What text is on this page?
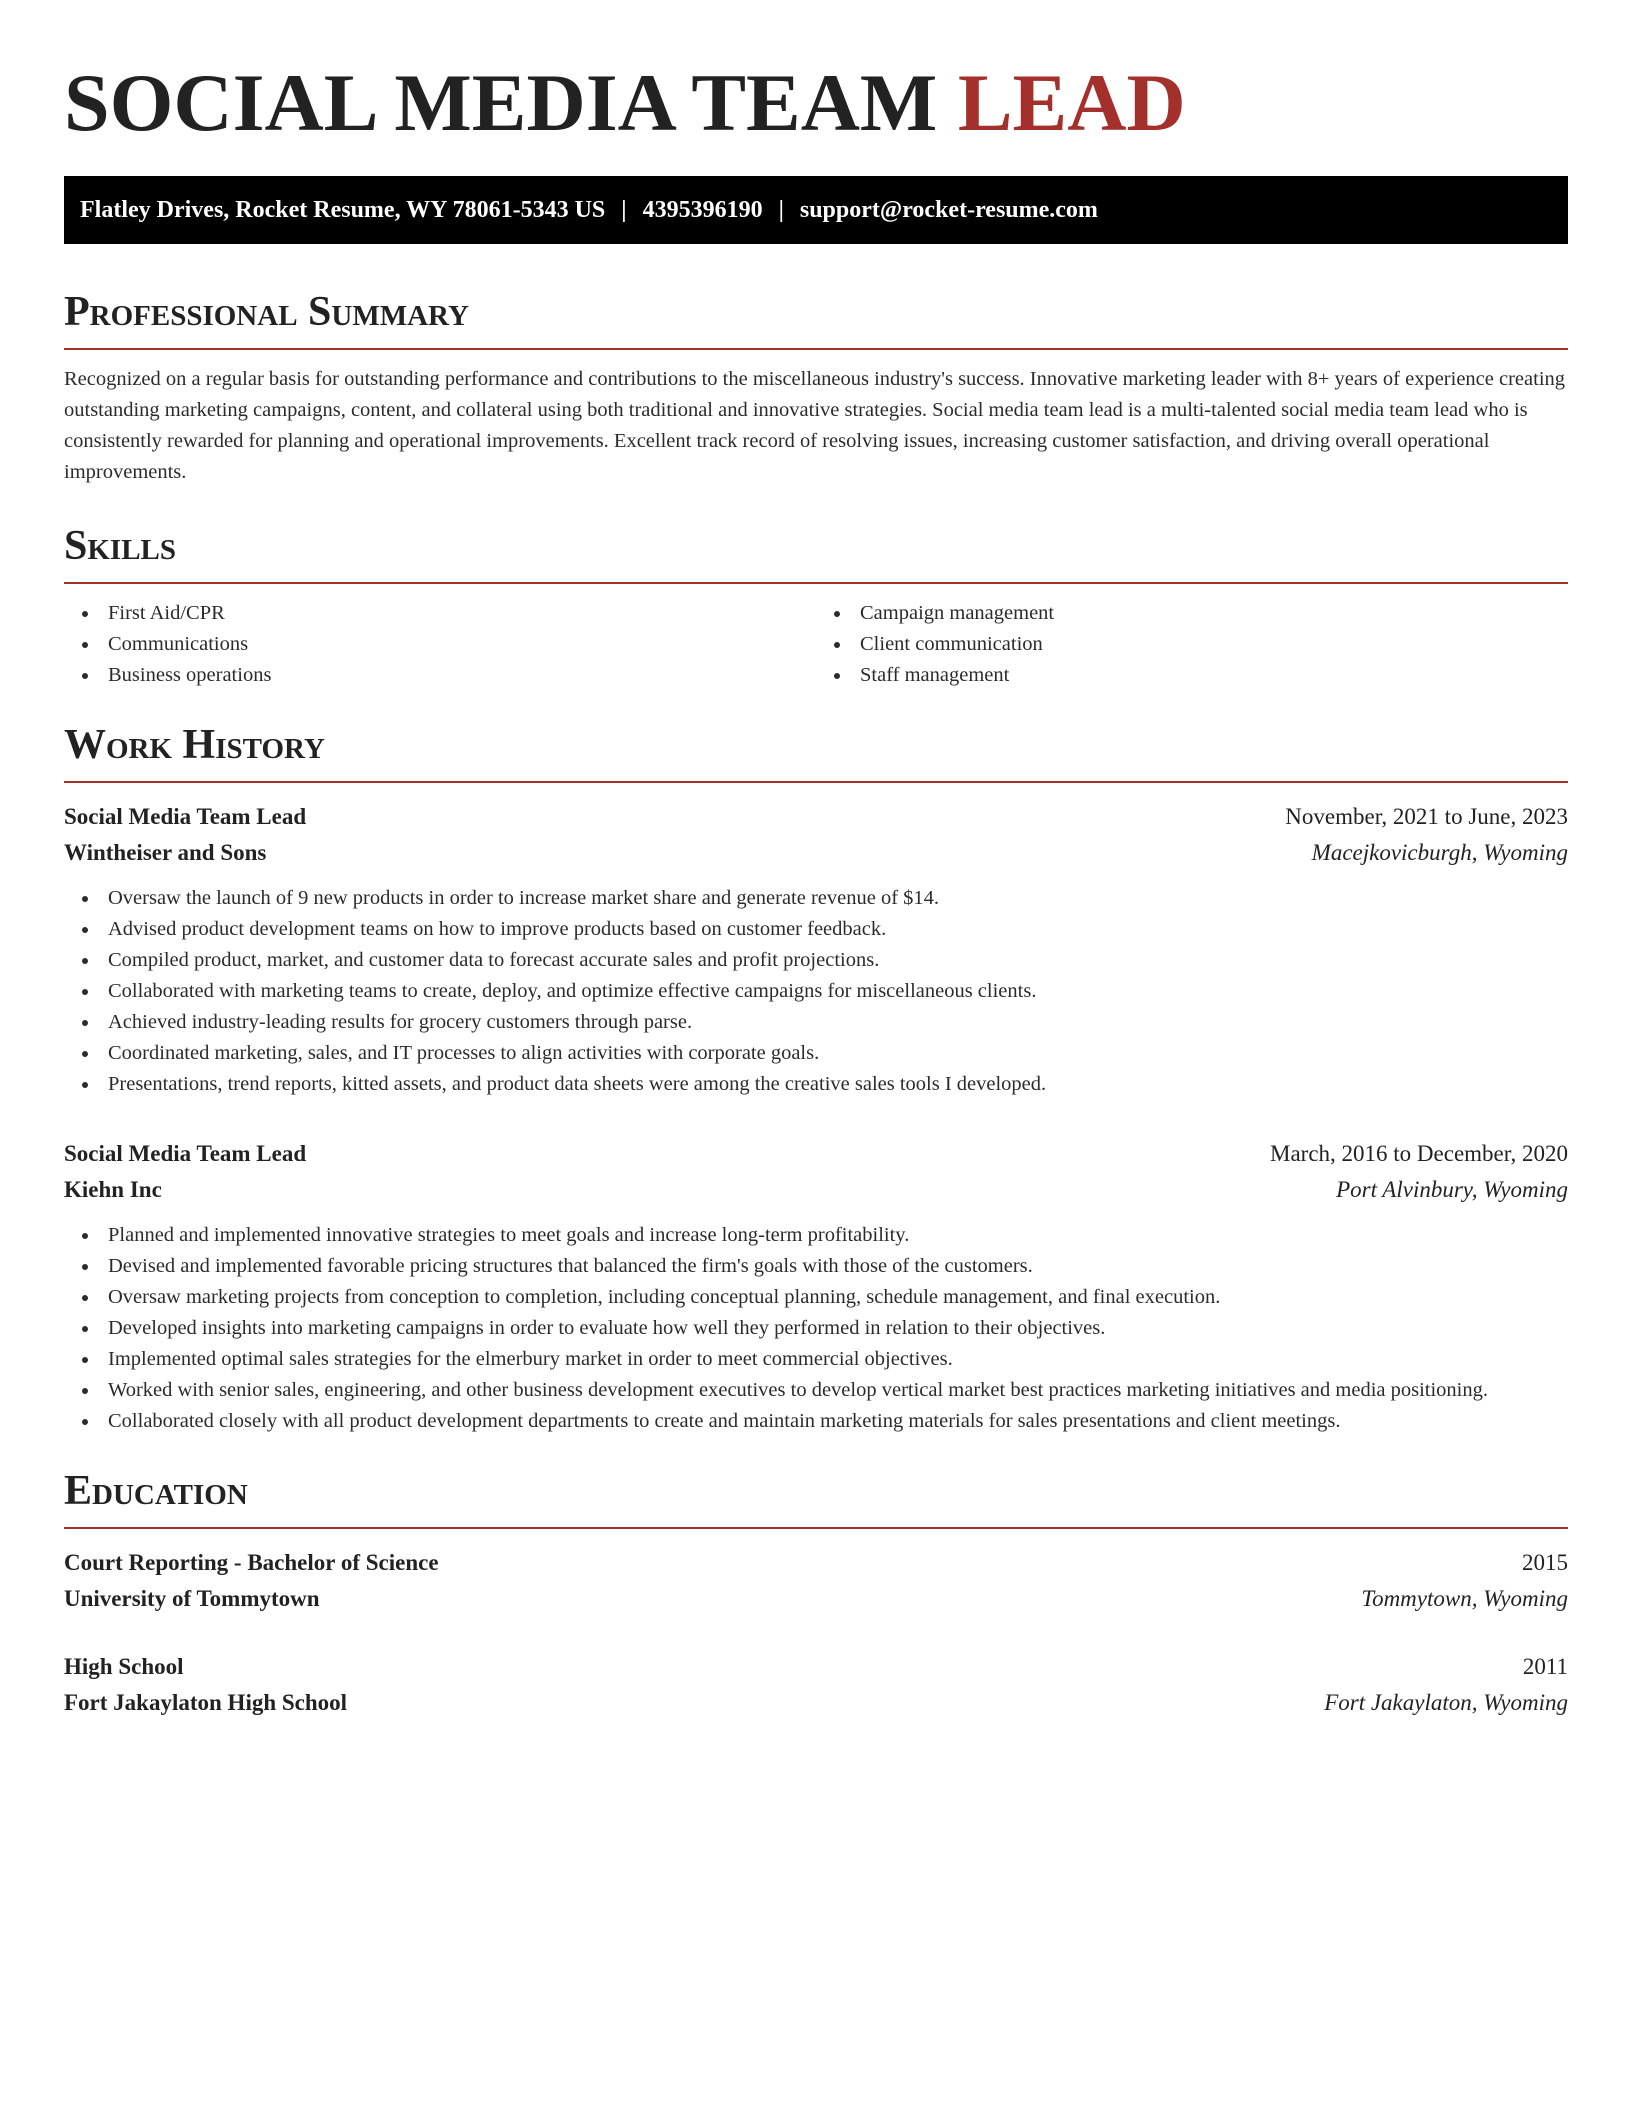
SOCIAL MEDIA TEAM LEAD
Flatley Drives, Rocket Resume, WY 78061-5343 US | 4395396190 | support@rocket-resume.com
Professional Summary

Recognized on a regular basis for outstanding performance and contributions to the miscellaneous industry's success. Innovative marketing leader with 8+ years of experience creating outstanding marketing campaigns, content, and collateral using both traditional and innovative strategies. Social media team lead is a multi-talented social media team lead who is consistently rewarded for planning and operational improvements. Excellent track record of resolving issues, increasing customer satisfaction, and driving overall operational improvements.

Skills
First Aid/CPR
Communications
Business operations
Campaign management
Client communication
Staff management
Work History
Social Media Team Lead	November, 2021 to June, 2023
Wintheiser and Sons	Macejkovicburgh, Wyoming
Oversaw the launch of 9 new products in order to increase market share and generate revenue of $14.
Advised product development teams on how to improve products based on customer feedback.
Compiled product, market, and customer data to forecast accurate sales and profit projections.
Collaborated with marketing teams to create, deploy, and optimize effective campaigns for miscellaneous clients.
Achieved industry-leading results for grocery customers through parse.
Coordinated marketing, sales, and IT processes to align activities with corporate goals.
Presentations, trend reports, kitted assets, and product data sheets were among the creative sales tools I developed.
Social Media Team Lead	March, 2016 to December, 2020
Kiehn Inc	Port Alvinbury, Wyoming
Planned and implemented innovative strategies to meet goals and increase long-term profitability.
Devised and implemented favorable pricing structures that balanced the firm's goals with those of the customers.
Oversaw marketing projects from conception to completion, including conceptual planning, schedule management, and final execution.
Developed insights into marketing campaigns in order to evaluate how well they performed in relation to their objectives.
Implemented optimal sales strategies for the elmerbury market in order to meet commercial objectives.
Worked with senior sales, engineering, and other business development executives to develop vertical market best practices marketing initiatives and media positioning.
Collaborated closely with all product development departments to create and maintain marketing materials for sales presentations and client meetings.
Education
Court Reporting - Bachelor of Science	2015
University of Tommytown	Tommytown, Wyoming
High School	2011
Fort Jakaylaton High School	Fort Jakaylaton, Wyoming
